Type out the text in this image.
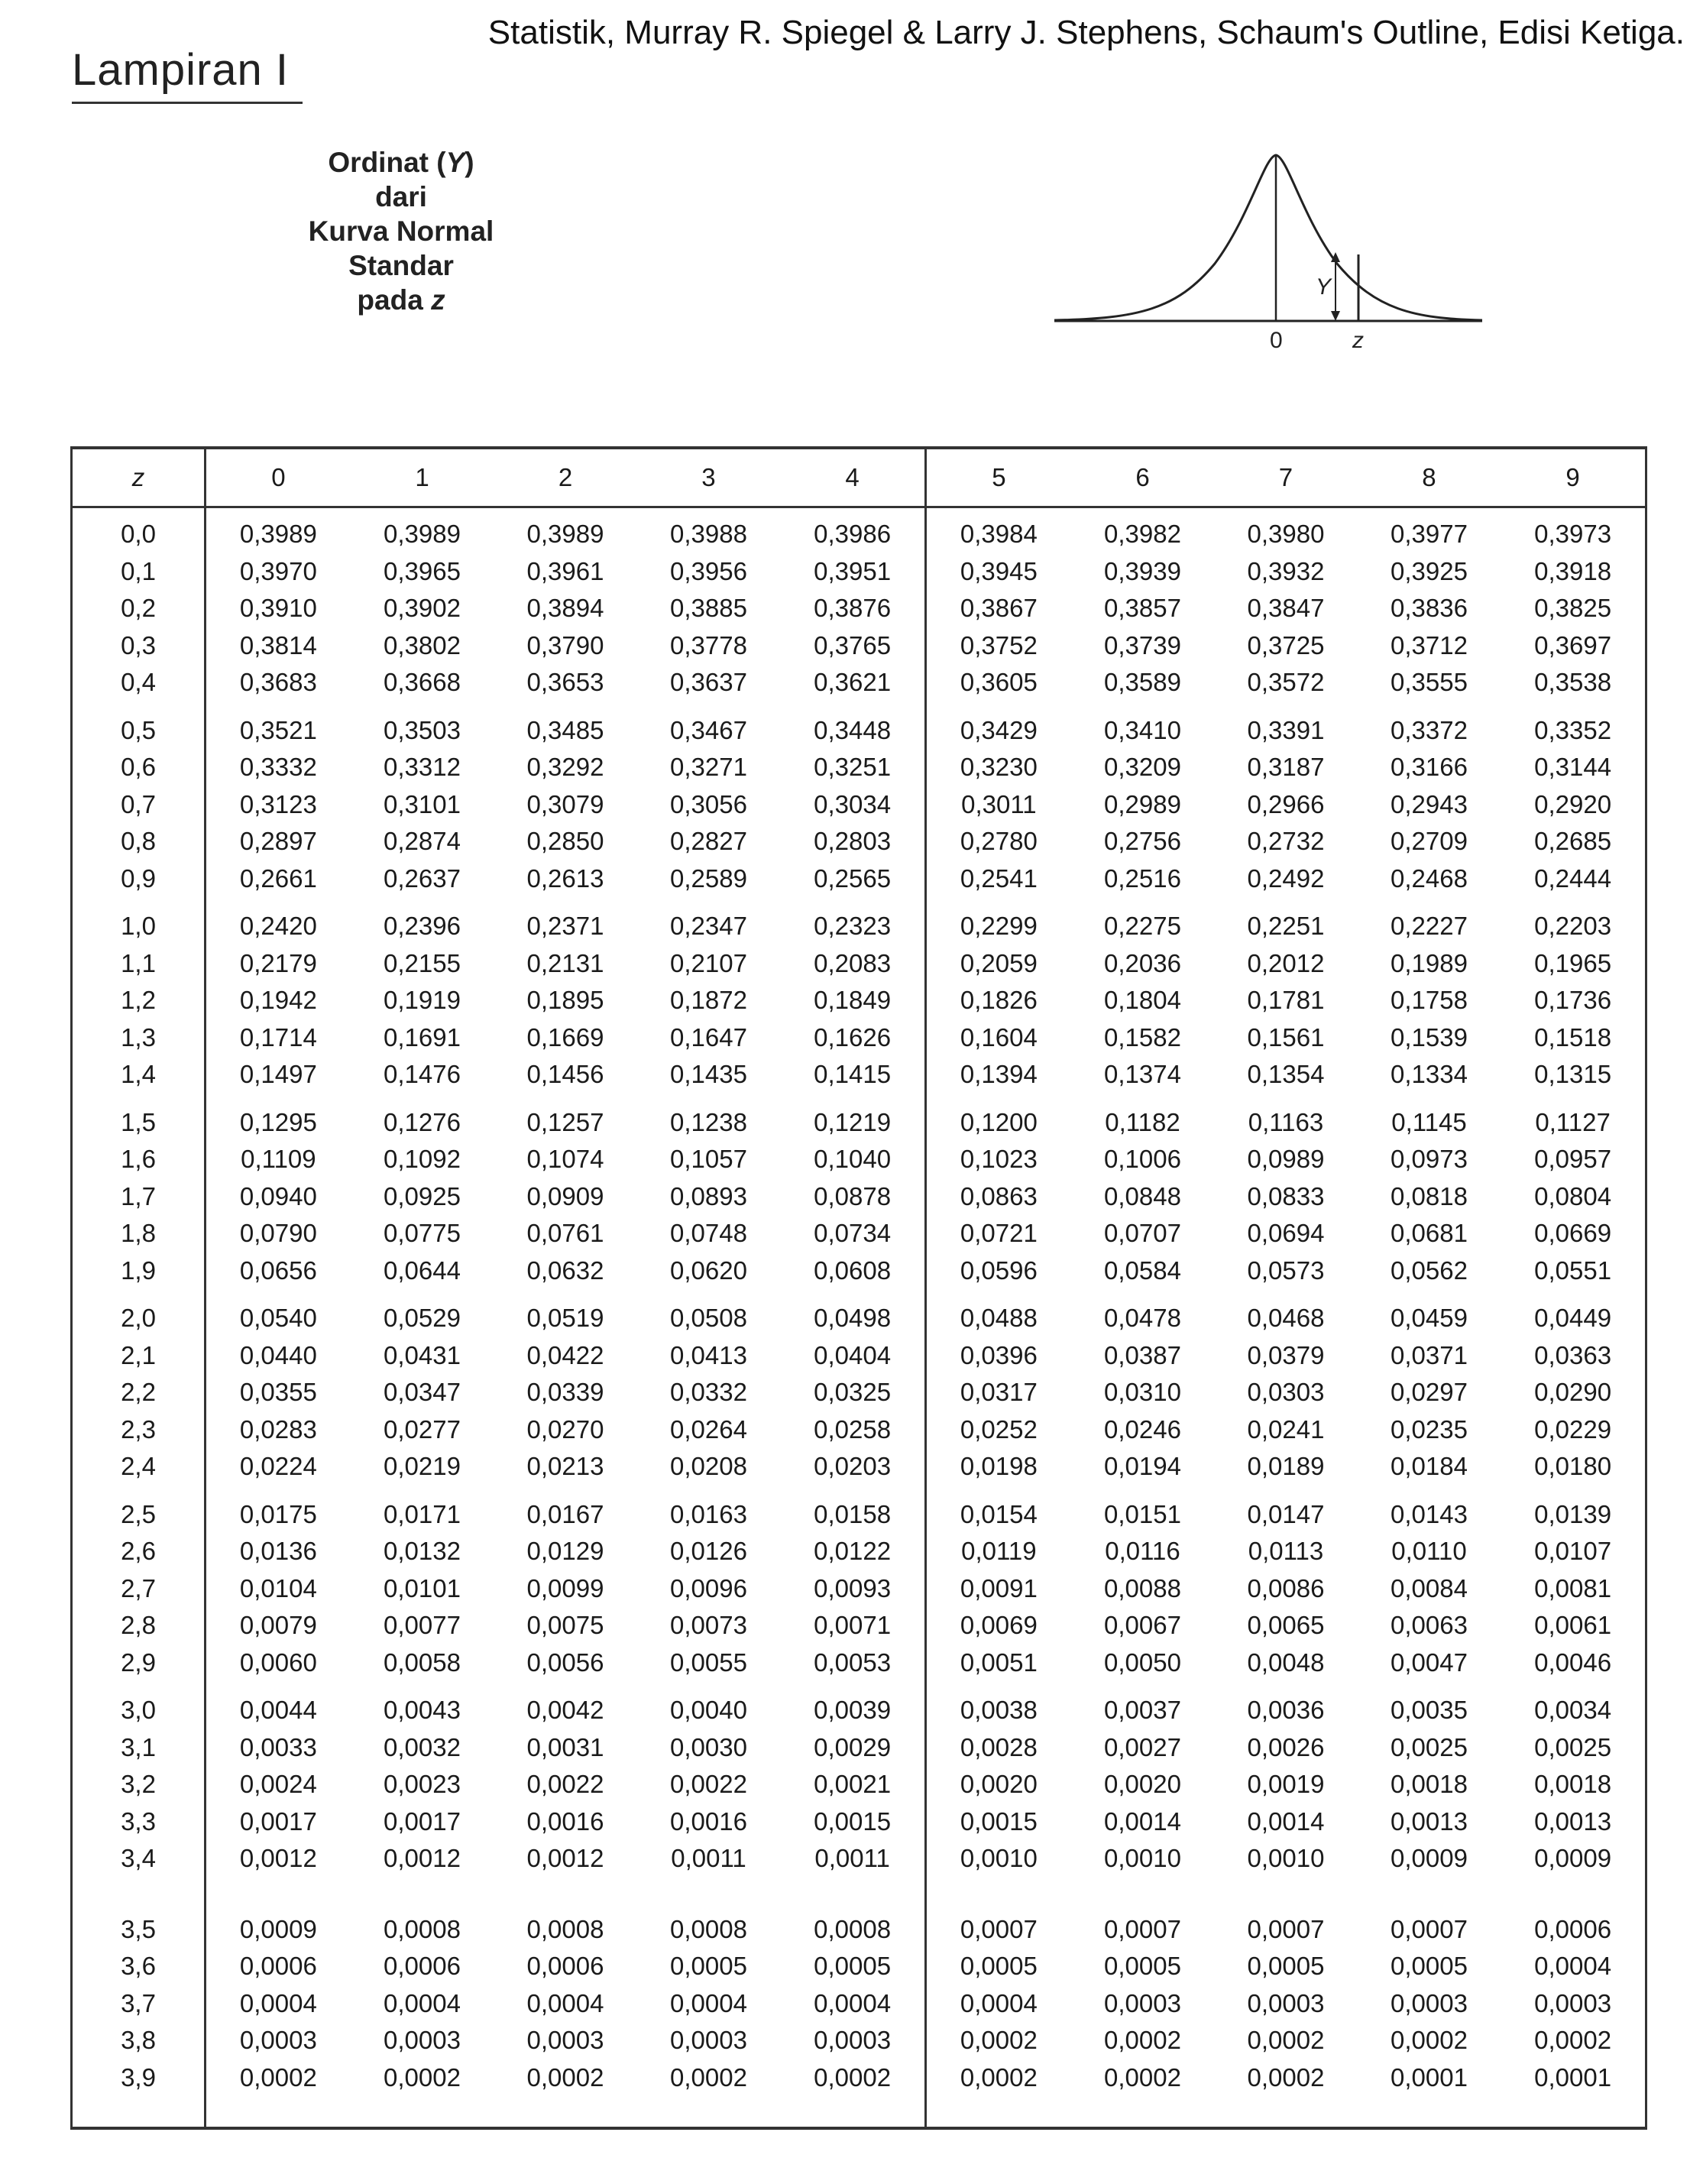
Statistik, Murray R. Spiegel & Larry J. Stephens, Schaum's Outline, Edisi Ketiga.
Lampiran I
Ordinat (Y)
dari
Kurva Normal
Standar
pada z	Y
0	z
z	0	1	2	3	4	5	6	7	8	9
0,0	0,3989	0,3989	0,3989	0,3988	0,3986	0,3984	0,3982	0,3980	0,3977	0,3973
0,1	0,3970	0,3965	0,3961	0,3956	0,3951	0,3945	0,3939	0,3932	0,3925	0,3918
0,2	0,3910	0,3902	0,3894	0,3885	0,3876	0,3867	0,3857	0,3847	0,3836	0,3825
0,3	0,3814	0,3802	0,3790	0,3778	0,3765	0,3752	0,3739	0,3725	0,3712	0,3697
0,4	0,3683	0,3668	0,3653	0,3637	0,3621	0,3605	0,3589	0,3572	0,3555	0,3538
0,5	0,3521	0,3503	0,3485	0,3467	0,3448	0,3429	0,3410	0,3391	0,3372	0,3352
0,6	0,3332	0,3312	0,3292	0,3271	0,3251	0,3230	0,3209	0,3187	0,3166	0,3144
0,7	0,3123	0,3101	0,3079	0,3056	0,3034	0,3011	0,2989	0,2966	0,2943	0,2920
0,8	0,2897	0,2874	0,2850	0,2827	0,2803	0,2780	0,2756	0,2732	0,2709	0,2685
0,9	0,2661	0,2637	0,2613	0,2589	0,2565	0,2541	0,2516	0,2492	0,2468	0,2444
1,0	0,2420	0,2396	0,2371	0,2347	0,2323	0,2299	0,2275	0,2251	0,2227	0,2203
1,1	0,2179	0,2155	0,2131	0,2107	0,2083	0,2059	0,2036	0,2012	0,1989	0,1965
1,2	0,1942	0,1919	0,1895	0,1872	0,1849	0,1826	0,1804	0,1781	0,1758	0,1736
1,3	0,1714	0,1691	0,1669	0,1647	0,1626	0,1604	0,1582	0,1561	0,1539	0,1518
1,4	0,1497	0,1476	0,1456	0,1435	0,1415	0,1394	0,1374	0,1354	0,1334	0,1315
1,5	0,1295	0,1276	0,1257	0,1238	0,1219	0,1200	0,1182	0,1163	0,1145	0,1127
1,6	0,1109	0,1092	0,1074	0,1057	0,1040	0,1023	0,1006	0,0989	0,0973	0,0957
1,7	0,0940	0,0925	0,0909	0,0893	0,0878	0,0863	0,0848	0,0833	0,0818	0,0804
1,8	0,0790	0,0775	0,0761	0,0748	0,0734	0,0721	0,0707	0,0694	0,0681	0,0669
1,9	0,0656	0,0644	0,0632	0,0620	0,0608	0,0596	0,0584	0,0573	0,0562	0,0551
2,0	0,0540	0,0529	0,0519	0,0508	0,0498	0,0488	0,0478	0,0468	0,0459	0,0449
2,1	0,0440	0,0431	0,0422	0,0413	0,0404	0,0396	0,0387	0,0379	0,0371	0,0363
2,2	0,0355	0,0347	0,0339	0,0332	0,0325	0,0317	0,0310	0,0303	0,0297	0,0290
2,3	0,0283	0,0277	0,0270	0,0264	0,0258	0,0252	0,0246	0,0241	0,0235	0,0229
2,4	0,0224	0,0219	0,0213	0,0208	0,0203	0,0198	0,0194	0,0189	0,0184	0,0180
2,5	0,0175	0,0171	0,0167	0,0163	0,0158	0,0154	0,0151	0,0147	0,0143	0,0139
2,6	0,0136	0,0132	0,0129	0,0126	0,0122	0,0119	0,0116	0,0113	0,0110	0,0107
2,7	0,0104	0,0101	0,0099	0,0096	0,0093	0,0091	0,0088	0,0086	0,0084	0,0081
2,8	0,0079	0,0077	0,0075	0,0073	0,0071	0,0069	0,0067	0,0065	0,0063	0,0061
2,9	0,0060	0,0058	0,0056	0,0055	0,0053	0,0051	0,0050	0,0048	0,0047	0,0046
3,0	0,0044	0,0043	0,0042	0,0040	0,0039	0,0038	0,0037	0,0036	0,0035	0,0034
3,1	0,0033	0,0032	0,0031	0,0030	0,0029	0,0028	0,0027	0,0026	0,0025	0,0025
3,2	0,0024	0,0023	0,0022	0,0022	0,0021	0,0020	0,0020	0,0019	0,0018	0,0018
3,3	0,0017	0,0017	0,0016	0,0016	0,0015	0,0015	0,0014	0,0014	0,0013	0,0013
3,4	0,0012	0,0012	0,0012	0,0011	0,0011	0,0010	0,0010	0,0010	0,0009	0,0009
3,5	0,0009	0,0008	0,0008	0,0008	0,0008	0,0007	0,0007	0,0007	0,0007	0,0006
3,6	0,0006	0,0006	0,0006	0,0005	0,0005	0,0005	0,0005	0,0005	0,0005	0,0004
3,7	0,0004	0,0004	0,0004	0,0004	0,0004	0,0004	0,0003	0,0003	0,0003	0,0003
3,8	0,0003	0,0003	0,0003	0,0003	0,0003	0,0002	0,0002	0,0002	0,0002	0,0002
3,9	0,0002	0,0002	0,0002	0,0002	0,0002	0,0002	0,0002	0,0002	0,0001	0,0001
